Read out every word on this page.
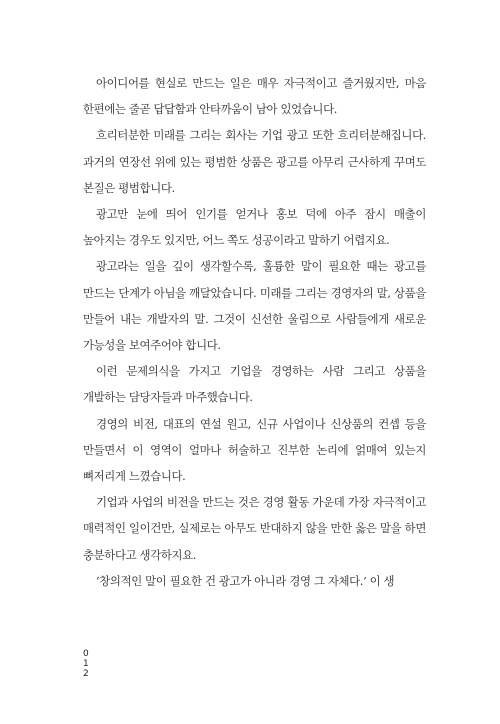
아이디어를 현실로 만드는 일은 매우 자극적이고 즐거웠지만, 마음 한편에는 줄곧 답답함과 안타까움이 남아 있었습니다.

흐리터분한 미래를 그리는 회사는 기업 광고 또한 흐리터분해집니다. 과거의 연장선 위에 있는 평범한 상품은 광고를 아무리 근사하게 꾸며도 본질은 평범합니다.

광고만 눈에 띄어 인기를 얻거나 홍보 덕에 아주 잠시 매출이 높아지는 경우도 있지만, 어느 쪽도 성공이라고 말하기 어렵지요.

광고라는 일을 깊이 생각할수록, 훌륭한 말이 필요한 때는 광고를 만드는 단계가 아님을 깨달았습니다. 미래를 그리는 경영자의 말, 상품을 만들어 내는 개발자의 말. 그것이 신선한 울림으로 사람들에게 새로운 가능성을 보여주어야 합니다.

이런 문제의식을 가지고 기업을 경영하는 사람 그리고 상품을 개발하는 담당자들과 마주했습니다.

경영의 비전, 대표의 연설 원고, 신규 사업이나 신상품의 컨셉 등을 만들면서 이 영역이 얼마나 허술하고 진부한 논리에 얽매여 있는지 뼈저리게 느꼈습니다.

기업과 사업의 비전을 만드는 것은 경영 활동 가운데 가장 자극적이고 매력적인 일이건만, 실제로는 아무도 반대하지 않을 만한 옳은 말을 하면 충분하다고 생각하지요.

‘창의적인 말이 필요한 건 광고가 아니라 경영 그 자체다.’ 이 생

0
1
2
